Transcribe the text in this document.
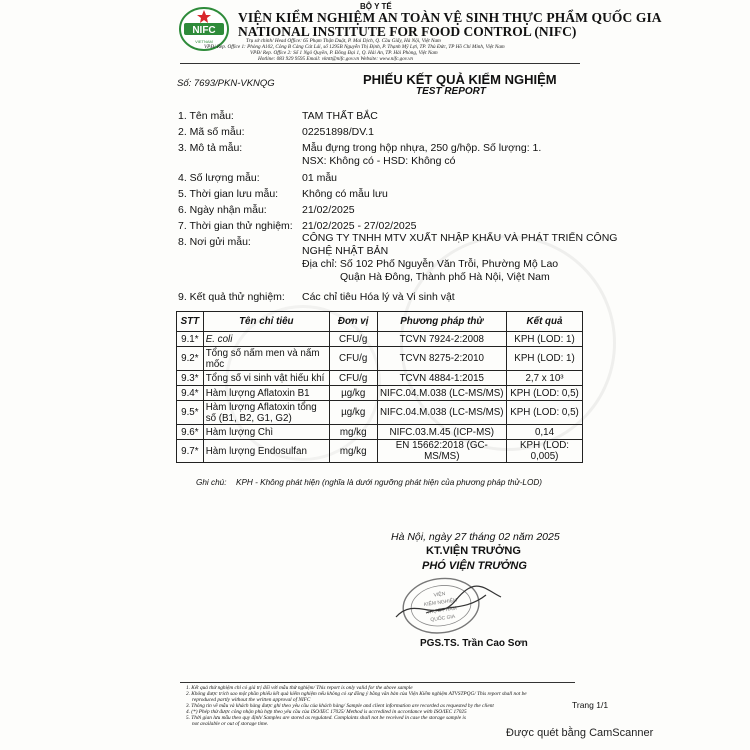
NIFC
VIETNAM
BỘ Y TẾ
VIỆN KIỂM NGHIỆM AN TOÀN VỆ SINH THỰC PHẨM QUỐC GIA
NATIONAL INSTITUTE FOR FOOD CONTROL (NIFC)
Trụ sở chính/ Head Office: 65 Phạm Thận Duật, P. Mai Dịch, Q. Cầu Giấy, Hà Nội, Việt Nam
VPĐ/ Rep. Office 1: Phòng A102, Công B Cảng Cát Lái, số 1295B Nguyễn Thị Định, P. Thạnh Mỹ Lợi, TP. Thủ Đức, TP Hồ Chí Minh, Việt Nam
VPĐ/ Rep. Office 2: Số 1 Ngô Quyền, P. Đồng Đại 1, Q. Hải An, TP. Hải Phòng, Việt Nam
Hotline: 083 929 9595 Email: vkntt@nifc.gov.vn Website: www.nifc.gov.vn
Số: 7693/PKN-VKNQG	PHIẾU KẾT QUẢ KIỂM NGHIỆM
TEST REPORT
1. Tên mẫu:	TAM THẤT BẮC
2. Mã số mẫu:	02251898/DV.1
3. Mô tả mẫu:	Mẫu đựng trong hộp nhựa, 250 g/hộp. Số lượng: 1.
NSX: Không có - HSD: Không có
4. Số lượng mẫu:	01 mẫu
5. Thời gian lưu mẫu: Không có mẫu lưu
6. Ngày nhận mẫu:	21/02/2025
7. Thời gian thử nghiệm: 21/02/2025 - 27/02/2025
8. Nơi gửi mẫu:	CÔNG TY TNHH MTV XUẤT NHẬP KHẨU VÀ PHÁT TRIỂN CÔNG
NGHỆ NHẬT BẢN
Địa chỉ: Số 102 Phố Nguyễn Văn Trỗi, Phường Mộ Lao
Quận Hà Đông, Thành phố Hà Nội, Việt Nam
9. Kết quả thử nghiệm: Các chỉ tiêu Hóa lý và Vi sinh vật
STT	Tên chỉ tiêu	Đơn vị	Phương pháp thử	Kết quả
9.1*	E. coli	CFU/g	TCVN 7924-2:2008	KPH (LOD: 1)
9.2*	Tổng số nấm men và nấm mốc	CFU/g	TCVN 8275-2:2010	KPH (LOD: 1)
9.3*	Tổng số vi sinh vật hiếu khí	CFU/g	TCVN 4884-1:2015	2,7 x 10³
9.4*	Hàm lượng Aflatoxin B1	µg/kg	NIFC.04.M.038 (LC-MS/MS)	KPH (LOD: 0,5)
9.5*	Hàm lượng Aflatoxin tổng số (B1, B2, G1, G2)	µg/kg	NIFC.04.M.038 (LC-MS/MS)	KPH (LOD: 0,5)
9.6*	Hàm lượng Chì	mg/kg	NIFC.03.M.45 (ICP-MS)	0,14
9.7*	Hàm lượng Endosulfan	mg/kg	EN 15662:2018 (GC-MS/MS)	KPH (LOD: 0,005)
Ghi chú: KPH - Không phát hiện (nghĩa là dưới ngưỡng phát hiện của phương pháp thử-LOD)
Hà Nội, ngày 27 tháng 02 năm 2025
KT.VIỆN TRƯỞNG
PHÓ VIỆN TRƯỞNG
VIỆN
KIỂM NGHIỆM
THỰC PHẨM
QUỐC GIA
PGS.TS. Trần Cao Sơn
1. Kết quả thử nghiệm chỉ có giá trị đối với mẫu thử nghiệm/ This report is only valid for the above sample
2. Không được trích sao một phần phiếu kết quả kiểm nghiệm nếu không có sự đồng ý bằng văn bản của Viện Kiểm nghiệm ATVSTPQG/ This report shall not be
reproduced partly without the written approval of NIFC
3. Thông tin về mẫu và khách hàng được ghi theo yêu cầu của khách hàng/ Sample and client information are recorded as requested by the client
4. (*) Phép thử được công nhận phù hợp theo yêu cầu của ISO/IEC 17025/ Method is accredited in accordance with ISO/IEC 17025
5. Thời gian lưu mẫu theo quy định/ Samples are stored as regulated. Complaints shall not be received in case the storage sample is
not available or out of storage time.
Trang 1/1
Được quét bằng CamScanner
